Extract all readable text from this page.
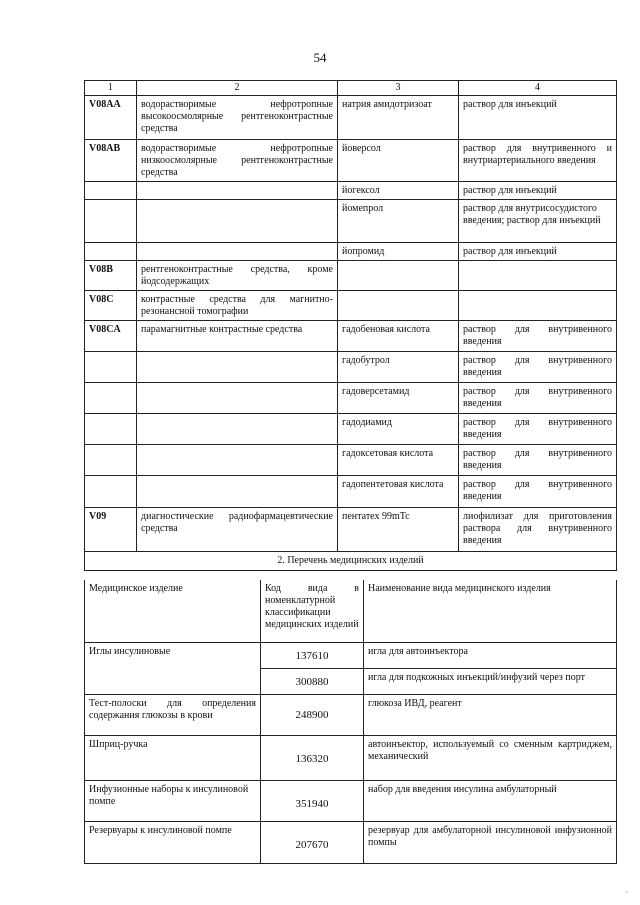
54
1	2	3	4
V08AA	водорастворимые нефротропные высокоосмолярные рентгеноконтрастные средства	натрия амидотризоат	раствор для инъекций
V08AB	водорастворимые нефротропные низкоосмолярные рентгеноконтрастные средства	йоверсол	раствор для внутривенного и внутриартериального введения
		йогексол	раствор для инъекций
		йомепрол	раствор для внутрисосудистого введения; раствор для инъекций
		йопромид	раствор для инъекций
V08B	рентгеноконтрастные средства, кроме йодсодержащих		
V08C	контрастные средства для магнитно-резонансной томографии		
V08CA	парамагнитные контрастные средства	гадобеновая кислота	раствор для внутривенного введения
		гадобутрол	раствор для внутривенного введения
		гадоверсетамид	раствор для внутривенного введения
		гадодиамид	раствор для внутривенного введения
		гадоксетовая кислота	раствор для внутривенного введения
		гадопентетовая кислота	раствор для внутривенного введения
V09	диагностические радиофармацевтические средства	пентатех 99mTc	лиофилизат для приготовления раствора для внутривенного введения
2. Перечень медицинских изделий			
Медицинское изделие	Код вида в номенклатурной классификации медицинских изделий	Наименование вида медицинского изделия
Иглы инсулиновые	137610	игла для автоинъектора
	300880	игла для подкожных инъекций/инфузий через порт
Тест-полоски для определения содержания глюкозы в крови	248900	глюкоза ИВД, реагент
Шприц-ручка	136320	автоинъектор, используемый со сменным картриджем, механический
Инфузионные наборы к инсулиновой помпе	351940	набор для введения инсулина амбулаторный
Резервуары к инсулиновой помпе	207670	резервуар для амбулаторной инсулиновой инфузионной помпы
·
